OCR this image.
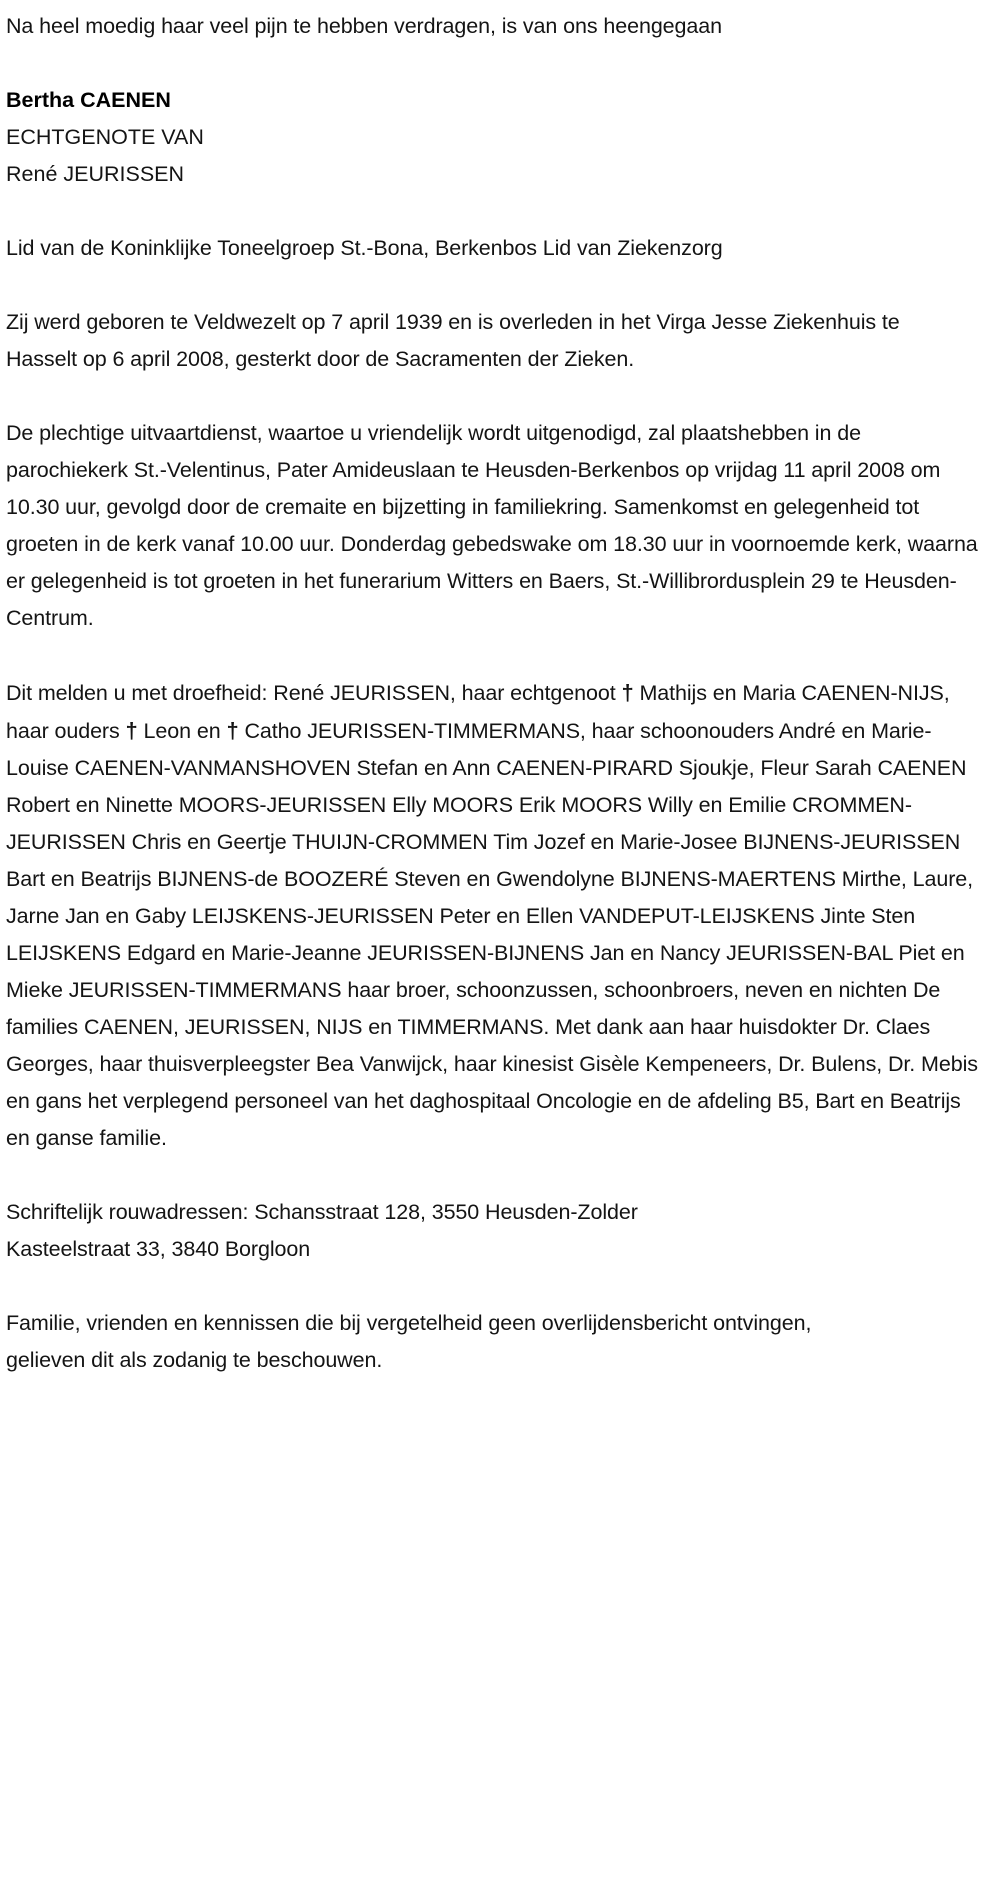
Na heel moedig haar veel pijn te hebben verdragen, is van ons heengegaan

Bertha CAENEN

ECHTGENOTE VAN

René JEURISSEN

Lid van de Koninklijke Toneelgroep St.-Bona, Berkenbos Lid van Ziekenzorg

Zij werd geboren te Veldwezelt op 7 april 1939 en is overleden in het Virga Jesse Ziekenhuis te Hasselt op 6 april 2008, gesterkt door de Sacramenten der Zieken.

De plechtige uitvaartdienst, waartoe u vriendelijk wordt uitgenodigd, zal plaatshebben in de parochiekerk St.-Velentinus, Pater Amideuslaan te Heusden-Berkenbos op vrijdag 11 april 2008 om 10.30 uur, gevolgd door de cremaite en bijzetting in familiekring. Samenkomst en gelegenheid tot groeten in de kerk vanaf 10.00 uur. Donderdag gebedswake om 18.30 uur in voornoemde kerk, waarna er gelegenheid is tot groeten in het funerarium Witters en Baers, St.-Willibrordusplein 29 te Heusden-Centrum.

Dit melden u met droefheid: René JEURISSEN, haar echtgenoot † Mathijs en Maria CAENEN-NIJS, haar ouders † Leon en † Catho JEURISSEN-TIMMERMANS, haar schoonouders André en Marie-Louise CAENEN-VANMANSHOVEN Stefan en Ann CAENEN-PIRARD Sjoukje, Fleur Sarah CAENEN Robert en Ninette MOORS-JEURISSEN Elly MOORS Erik MOORS Willy en Emilie CROMMEN-JEURISSEN Chris en Geertje THUIJN-CROMMEN Tim Jozef en Marie-Josee BIJNENS-JEURISSEN Bart en Beatrijs BIJNENS-de BOOZERÉ Steven en Gwendolyne BIJNENS-MAERTENS Mirthe, Laure, Jarne Jan en Gaby LEIJSKENS-JEURISSEN Peter en Ellen VANDEPUT-LEIJSKENS Jinte Sten LEIJSKENS Edgard en Marie-Jeanne JEURISSEN-BIJNENS Jan en Nancy JEURISSEN-BAL Piet en Mieke JEURISSEN-TIMMERMANS haar broer, schoonzussen, schoonbroers, neven en nichten De families CAENEN, JEURISSEN, NIJS en TIMMERMANS. Met dank aan haar huisdokter Dr. Claes Georges, haar thuisverpleegster Bea Vanwijck, haar kinesist Gisèle Kempeneers, Dr. Bulens, Dr. Mebis en gans het verplegend personeel van het daghospitaal Oncologie en de afdeling B5, Bart en Beatrijs en ganse familie.

Schriftelijk rouwadressen: Schansstraat 128, 3550 Heusden-Zolder

Kasteelstraat 33, 3840 Borgloon

Familie, vrienden en kennissen die bij vergetelheid geen overlijdensbericht ontvingen, gelieven dit als zodanig te beschouwen.
